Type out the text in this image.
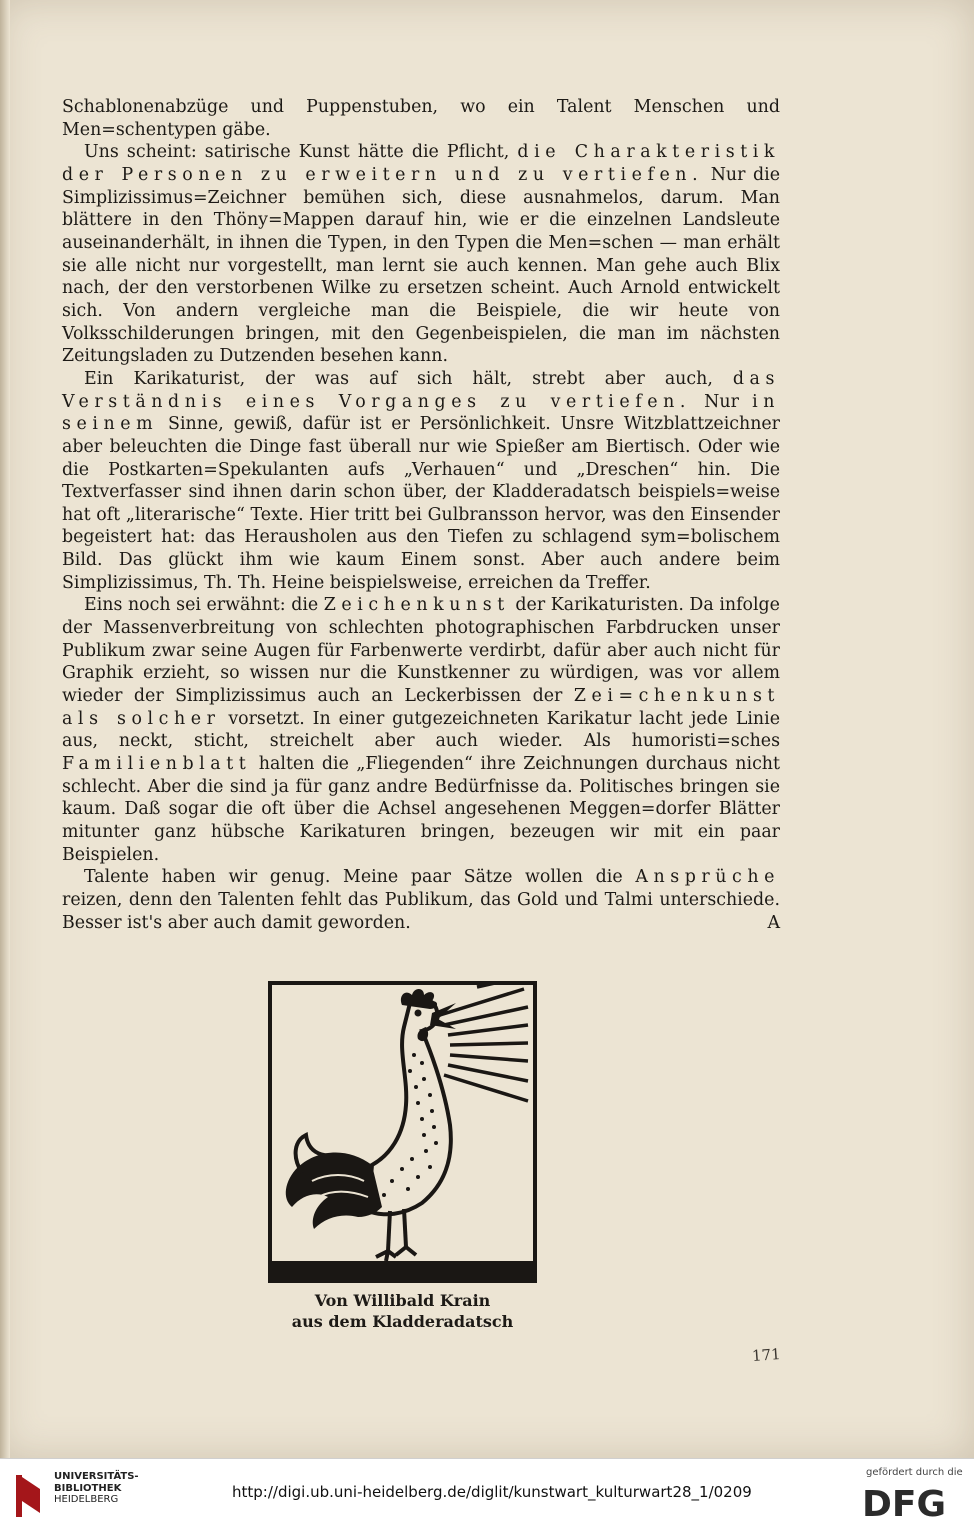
Schablonenabzüge und Puppenstuben, wo ein Talent Menschen und Men=schentypen gäbe.

Uns scheint: satirische Kunst hätte die Pflicht, die Charakteristik der Personen zu erweitern und zu vertiefen. Nur die Simplizissimus=Zeichner bemühen sich, diese ausnahmelos, darum. Man blättere in den Thöny=Mappen darauf hin, wie er die einzelnen Landsleute auseinanderhält, in ihnen die Typen, in den Typen die Men=schen — man erhält sie alle nicht nur vorgestellt, man lernt sie auch kennen. Man gehe auch Blix nach, der den verstorbenen Wilke zu ersetzen scheint. Auch Arnold entwickelt sich. Von andern vergleiche man die Beispiele, die wir heute von Volksschilderungen bringen, mit den Gegenbeispielen, die man im nächsten Zeitungsladen zu Dutzenden besehen kann.

Ein Karikaturist, der was auf sich hält, strebt aber auch, das Verständnis eines Vorganges zu vertiefen. Nur in seinem Sinne, gewiß, dafür ist er Persönlichkeit. Unsre Witzblattzeichner aber beleuchten die Dinge fast überall nur wie Spießer am Biertisch. Oder wie die Postkarten=Spekulanten aufs „Verhauen“ und „Dreschen“ hin. Die Textverfasser sind ihnen darin schon über, der Kladderadatsch beispiels=weise hat oft „literarische“ Texte. Hier tritt bei Gulbransson hervor, was den Einsender begeistert hat: das Herausholen aus den Tiefen zu schlagend sym=bolischem Bild. Das glückt ihm wie kaum Einem sonst. Aber auch andere beim Simplizissimus, Th. Th. Heine beispielsweise, erreichen da Treffer.

Eins noch sei erwähnt: die Zeichenkunst der Karikaturisten. Da infolge der Massenverbreitung von schlechten photographischen Farbdrucken unser Publikum zwar seine Augen für Farbenwerte verdirbt, dafür aber auch nicht für Graphik erzieht, so wissen nur die Kunstkenner zu würdigen, was vor allem wieder der Simplizissimus auch an Leckerbissen der Zei=chenkunst als solcher vorsetzt. In einer gutgezeichneten Karikatur lacht jede Linie aus, neckt, sticht, streichelt aber auch wieder. Als humoristi=sches Familienblatt halten die „Fliegenden“ ihre Zeichnungen durchaus nicht schlecht. Aber die sind ja für ganz andre Bedürfnisse da. Politisches bringen sie kaum. Daß sogar die oft über die Achsel angesehenen Meggen=dorfer Blätter mitunter ganz hübsche Karikaturen bringen, bezeugen wir mit ein paar Beispielen.

Talente haben wir genug. Meine paar Sätze wollen die Ansprüche reizen, denn den Talenten fehlt das Publikum, das Gold und Talmi unterschiede. Besser ist's aber auch damit geworden.	A

Von Willibald Krain
aus dem Kladderadatsch
171
UNIVERSITÄTS-
BIBLIOTHEK
HEIDELBERG	http://digi.ub.uni-heidelberg.de/diglit/kunstwart_kulturwart28_1/0209
gefördert durch die
DFG
